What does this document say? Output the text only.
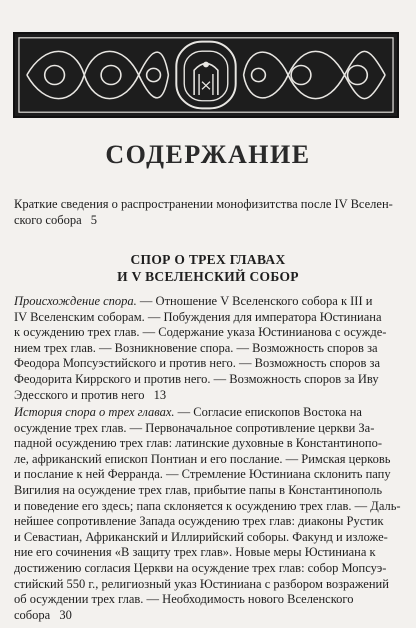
СОДЕРЖАНИЕ
Краткие сведения о распространении монофизитства после IV Вселен-
ского собора 5
СПОР О ТРЕХ ГЛАВАХ
И V ВСЕЛЕНСКИЙ СОБОР
Происхождение спора. — Отношение V Вселенского собора к III и
IV Вселенским соборам. — Побуждения для императора Юстиниана
к осуждению трех глав. — Содержание указа Юстинианова с осужде-
нием трех глав. — Возникновение спора. — Возможность споров за
Феодора Мопсуэстийского и против него. — Возможность споров за
Феодорита Киррского и против него. — Возможность споров за Иву
Эдесского и против него 13
История спора о трех главах. — Согласие епископов Востока на
осуждение трех глав. — Первоначальное сопротивление церкви За-
падной осуждению трех глав: латинские духовные в Константинопо-
ле, африканский епископ Понтиан и его послание. — Римская церковь
и послание к ней Ферранда. — Стремление Юстиниана склонить папу
Вигилия на осуждение трех глав, прибытие папы в Константинополь
и поведение его здесь; папа склоняется к осуждению трех глав. — Даль-
нейшее сопротивление Запада осуждению трех глав: диаконы Рустик
и Севастиан, Африканский и Иллирийский соборы. Факунд и изложе-
ние его сочинения «В защиту трех глав». Новые меры Юстиниана к
достижению согласия Церкви на осуждение трех глав: собор Мопсуэ-
стийский 550 г., религиозный указ Юстиниана с разбором возражений
об осуждении трех глав. — Необходимость нового Вселенского
собора 30
